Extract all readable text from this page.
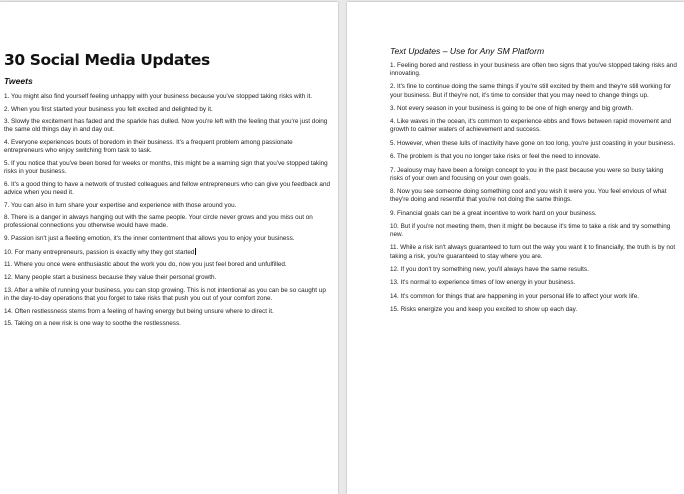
30 Social Media Updates
Tweets

1. You might also find yourself feeling unhappy with your business because you've stopped taking risks with it.

2. When you first started your business you felt excited and delighted by it.

3. Slowly the excitement has faded and the sparkle has dulled. Now you're left with the feeling that you're just doing the same old things day in and day out.

4. Everyone experiences bouts of boredom in their business. It's a frequent problem among passionate entrepreneurs who enjoy switching from task to task.

5. If you notice that you've been bored for weeks or months, this might be a warning sign that you've stopped taking risks in your business.

6. It's a good thing to have a network of trusted colleagues and fellow entrepreneurs who can give you feedback and advice when you need it.

7. You can also in turn share your expertise and experience with those around you.

8. There is a danger in always hanging out with the same people. Your circle never grows and you miss out on professional connections you otherwise would have made.

9. Passion isn't just a fleeting emotion, it's the inner contentment that allows you to enjoy your business.

10. For many entrepreneurs, passion is exactly why they got started

11. Where you once were enthusiastic about the work you do, now you just feel bored and unfulfilled.

12. Many people start a business because they value their personal growth.

13. After a while of running your business, you can stop growing. This is not intentional as you can be so caught up in the day-to-day operations that you forget to take risks that push you out of your comfort zone.

14. Often restlessness stems from a feeling of having energy but being unsure where to direct it.

15. Taking on a new risk is one way to soothe the restlessness.

Text Updates – Use for Any SM Platform

1. Feeling bored and restless in your business are often two signs that you've stopped taking risks and innovating.

2. It's fine to continue doing the same things if you're still excited by them and they're still working for your business. But if they're not, it's time to consider that you may need to change things up.

3. Not every season in your business is going to be one of high energy and big growth.

4. Like waves in the ocean, it's common to experience ebbs and flows between rapid movement and growth to calmer waters of achievement and success.

5. However, when these lulls of inactivity have gone on too long, you're just coasting in your business.

6. The problem is that you no longer take risks or feel the need to innovate.

7. Jealousy may have been a foreign concept to you in the past because you were so busy taking risks of your own and focusing on your own goals.

8. Now you see someone doing something cool and you wish it were you. You feel envious of what they're doing and resentful that you're not doing the same things.

9. Financial goals can be a great incentive to work hard on your business.

10. But if you're not meeting them, then it might be because it's time to take a risk and try something new.

11. While a risk isn't always guaranteed to turn out the way you want it to financially, the truth is by not taking a risk, you're guaranteed to stay where you are.

12. If you don't try something new, you'll always have the same results.

13. It's normal to experience times of low energy in your business.

14. It's common for things that are happening in your personal life to affect your work life.

15. Risks energize you and keep you excited to show up each day.
